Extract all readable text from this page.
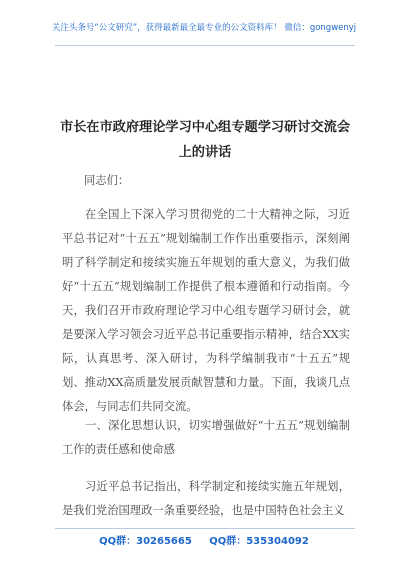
关注头条号“公文研究”，获得最新最全最专业的公文资料库！ 微信：gongwenyj

市长在市政府理论学习中心组专题学习研讨交流会上的讲话

同志们：

在全国上下深入学习贯彻党的二十大精神之际，习近平总书记对“十五五”规划编制工作作出重要指示，深刻阐明了科学制定和接续实施五年规划的重大意义，为我们做好“十五五”规划编制工作提供了根本遵循和行动指南。今天，我们召开市政府理论学习中心组专题学习研讨会，就是要深入学习领会习近平总书记重要指示精神，结合XX实际，认真思考、深入研讨，为科学编制我市“十五五”规划、推动XX高质量发展贡献智慧和力量。下面，我谈几点体会，与同志们共同交流。

一、深化思想认识，切实增强做好“十五五”规划编制工作的责任感和使命感

习近平总书记指出，科学制定和接续实施五年规划，是我们党治国理政一条重要经验，也是中国特色社会主义

QQ群：30265665     QQ群：535304092
